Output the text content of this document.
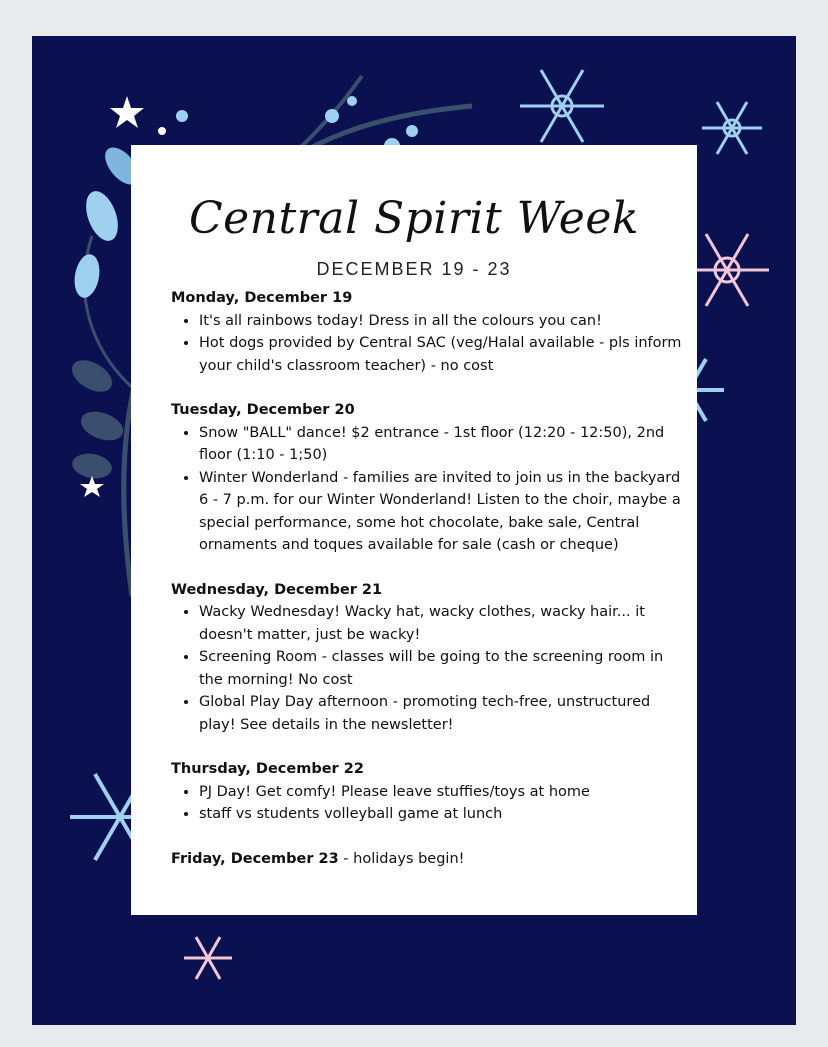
Central Spirit Week
DECEMBER 19 - 23
Monday, December 19
• It's all rainbows today! Dress in all the colours you can!
• Hot dogs provided by Central SAC (veg/Halal available - pls inform your child's classroom teacher) - no cost
Tuesday, December 20
• Snow "BALL" dance! $2 entrance - 1st floor (12:20 - 12:50), 2nd floor (1:10 - 1;50)
• Winter Wonderland - families are invited to join us in the backyard 6 - 7 p.m. for our Winter Wonderland! Listen to the choir, maybe a special performance, some hot chocolate, bake sale, Central ornaments and toques available for sale (cash or cheque)
Wednesday, December 21
• Wacky Wednesday! Wacky hat, wacky clothes, wacky hair... it doesn't matter, just be wacky!
• Screening Room - classes will be going to the screening room in the morning! No cost
• Global Play Day afternoon - promoting tech-free, unstructured play! See details in the newsletter!
Thursday, December 22
• PJ Day! Get comfy! Please leave stuffies/toys at home
• staff vs students volleyball game at lunch
Friday, December 23 - holidays begin!
